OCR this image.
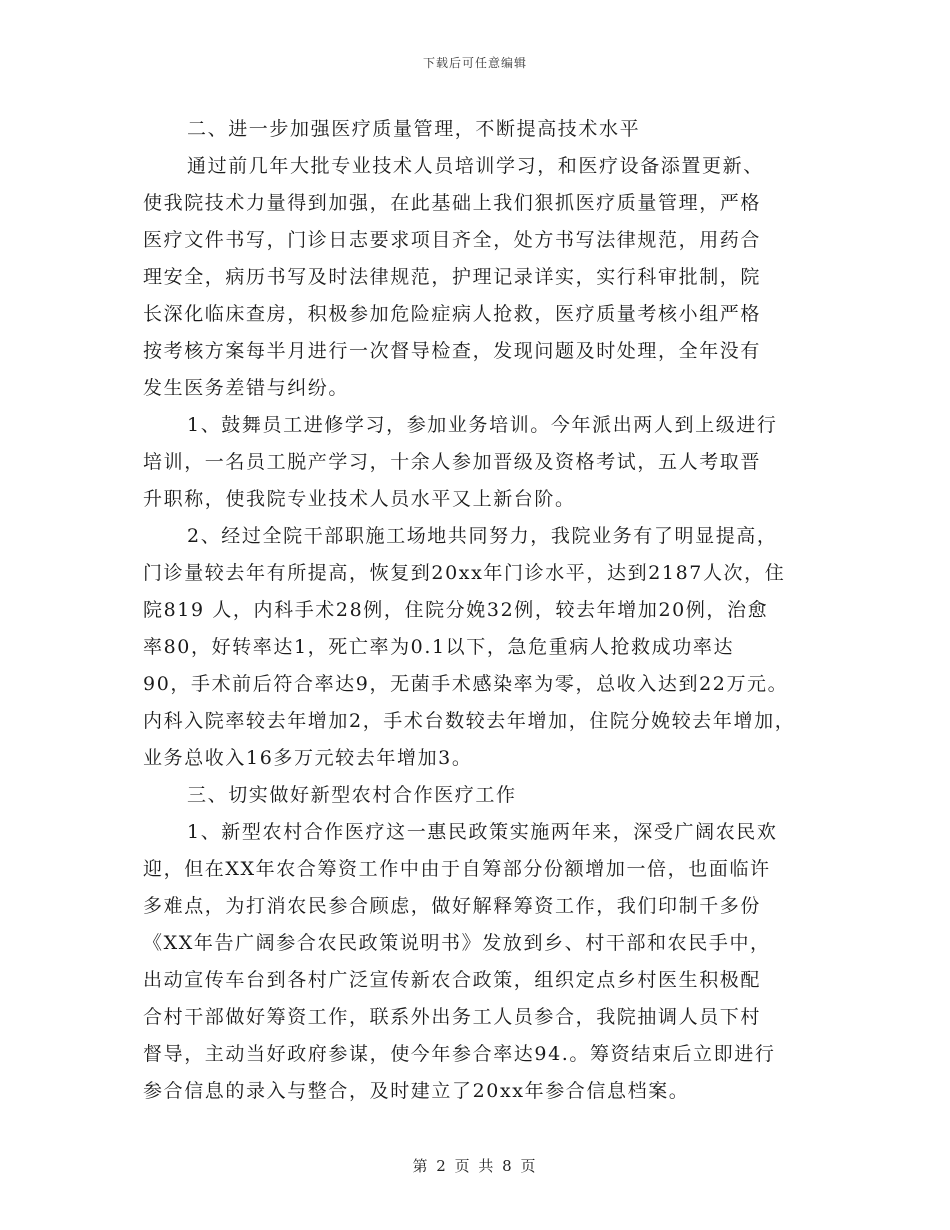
下载后可任意编辑
二、进一步加强医疗质量管理，不断提高技术水平
通过前几年大批专业技术人员培训学习，和医疗设备添置更新、
使我院技术力量得到加强，在此基础上我们狠抓医疗质量管理，严格
医疗文件书写，门诊日志要求项目齐全，处方书写法律规范，用药合
理安全，病历书写及时法律规范，护理记录详实，实行科审批制，院
长深化临床查房，积极参加危险症病人抢救，医疗质量考核小组严格
按考核方案每半月进行一次督导检查，发现问题及时处理，全年没有
发生医务差错与纠纷。
1、鼓舞员工进修学习，参加业务培训。今年派出两人到上级进行
培训，一名员工脱产学习，十余人参加晋级及资格考试，五人考取晋
升职称，使我院专业技术人员水平又上新台阶。
2、经过全院干部职施工场地共同努力，我院业务有了明显提高，
门诊量较去年有所提高，恢复到20xx年门诊水平，达到2187人次，住
院819 人，内科手术28例，住院分娩32例，较去年增加20例，治愈
率80，好转率达1，死亡率为0.1以下，急危重病人抢救成功率达
90，手术前后符合率达9，无菌手术感染率为零，总收入达到22万元。
内科入院率较去年增加2，手术台数较去年增加，住院分娩较去年增加，
业务总收入16多万元较去年增加3。
三、切实做好新型农村合作医疗工作
1、新型农村合作医疗这一惠民政策实施两年来，深受广阔农民欢
迎，但在XX年农合筹资工作中由于自筹部分份额增加一倍，也面临许
多难点，为打消农民参合顾虑，做好解释筹资工作，我们印制千多份
《XX年告广阔参合农民政策说明书》发放到乡、村干部和农民手中，
出动宣传车台到各村广泛宣传新农合政策，组织定点乡村医生积极配
合村干部做好筹资工作，联系外出务工人员参合，我院抽调人员下村
督导，主动当好政府参谋，使今年参合率达94.。筹资结束后立即进行
参合信息的录入与整合，及时建立了20xx年参合信息档案。
第 2 页 共 8 页
